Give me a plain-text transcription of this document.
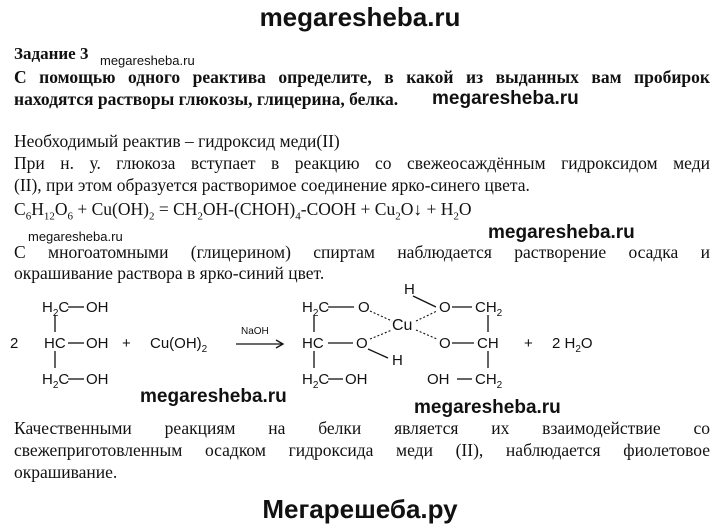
megaresheba.ru
Задание 3 megaresheba.ru
С помощью одного реактива определите, в какой из выданных вам пробирок
находятся растворы глюкозы, глицерина, белка.	megaresheba.ru
Необходимый реактив – гидроксид меди(II)
При н. у. глюкоза вступает в реакцию со свежеосаждённым гидроксидом меди
(II), при этом образуется растворимое соединение ярко-синего цвета.
$C_6H_{12}O_6 + Cu(OH)_2$ = $CH_2OH-(CHOH)_4$-COOH + $Cu_2O↓ + H_2O$
megaresheba.ru	megaresheba.ru
С многоатомными (глицерином) спиртам наблюдается растворение осадка и
окрашивание раствора в ярко-синий цвет.
2
$H_2C$
HC
$H_2C$
OH
OH
OH
+ $Cu(OH)_2$
NaOH
$H_2C$
HC
$H_2C$
O
O
OH
H
Cu
H
O
O
$CH_2$
CH
OH $CH_2$
+ 2 $H_2O$
megaresheba.ru
megaresheba.ru
Качественными реакциям на белки является их взаимодействие со
свежеприготовленным осадком гидроксида меди (II), наблюдается фиолетовое
окрашивание.
Мегарешеба.ру
